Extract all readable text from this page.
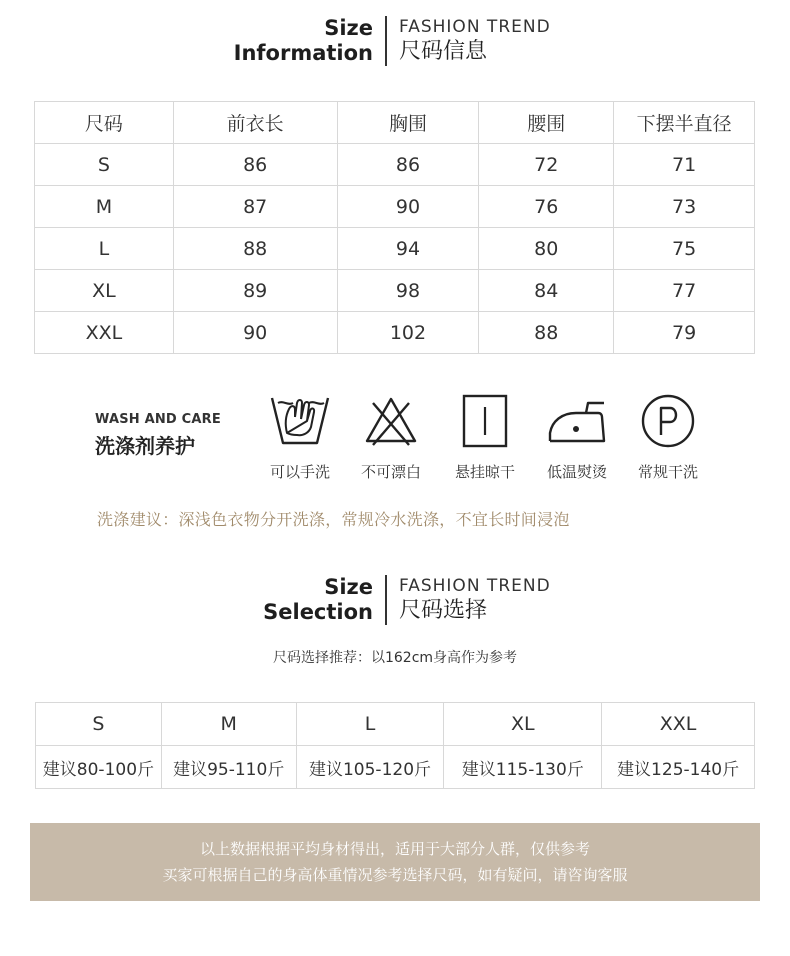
Size
Information
FASHION TREND
尺码信息
尺码	前衣长	胸围	腰围	下摆半直径
S	86	86	72	71
M	87	90	76	73
L	88	94	80	75
XL	89	98	84	77
XXL	90	102	88	79
WASH AND CARE
洗涤剂养护
可以手洗	不可漂白	悬挂晾干	低温熨烫	常规干洗
洗涤建议：深浅色衣物分开洗涤，常规冷水洗涤，不宜长时间浸泡
Size
Selection
FASHION TREND
尺码选择
尺码选择推荐：以162cm身高作为参考
S	M	L	XL	XXL
建议80-100斤	建议95-110斤	建议105-120斤	建议115-130斤	建议125-140斤
以上数据根据平均身材得出，适用于大部分人群，仅供参考
买家可根据自己的身高体重情况参考选择尺码，如有疑问，请咨询客服
